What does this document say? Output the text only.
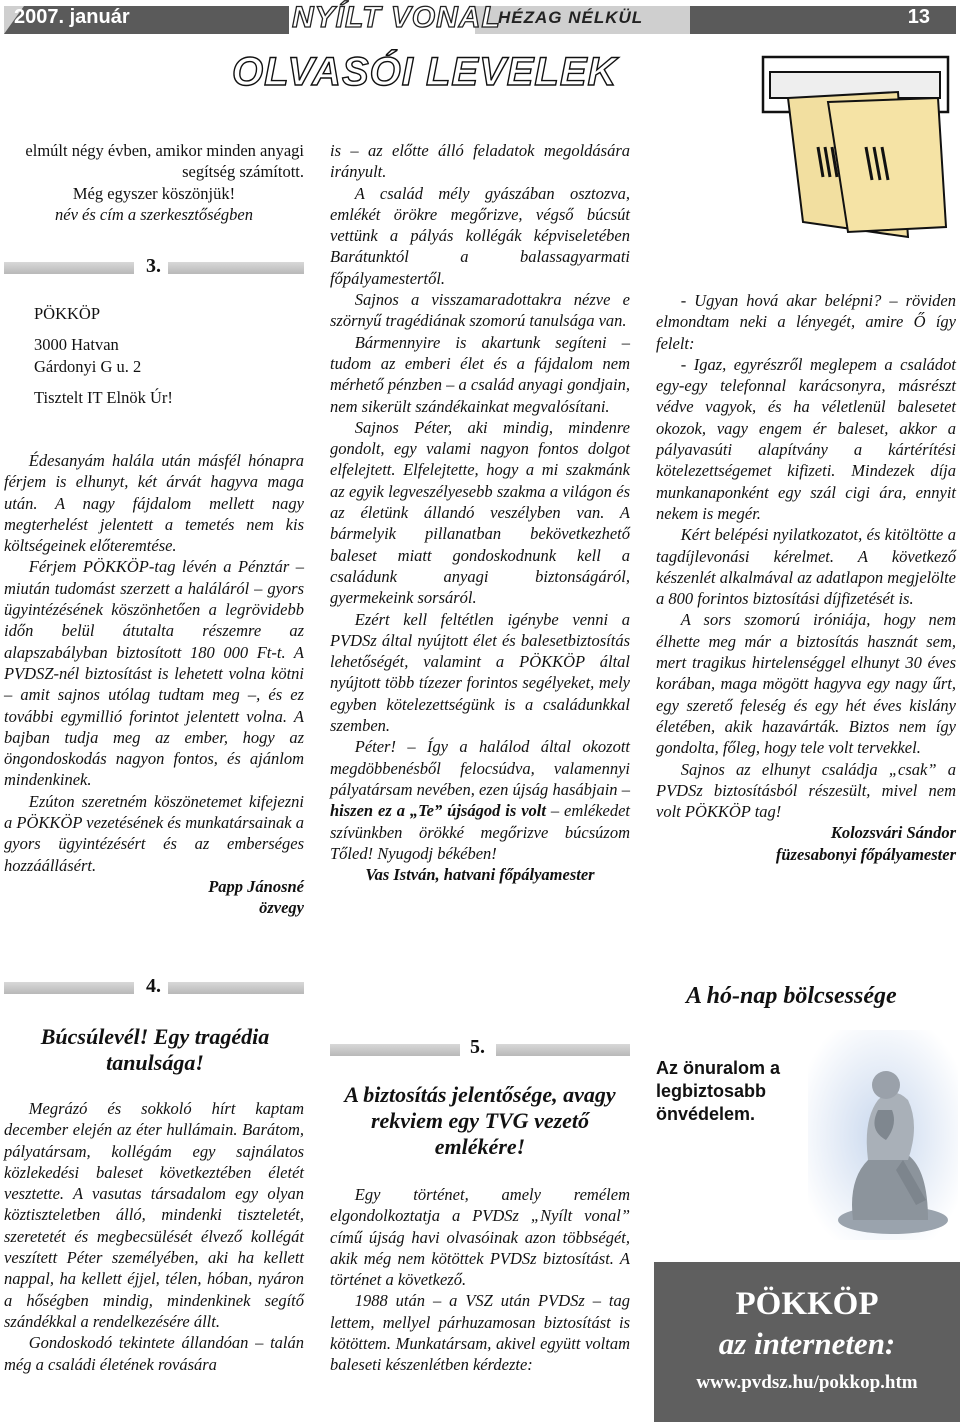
2007. január	NYÍLT VONAL
HÉZAG NÉLKÜL	13
OLVASÓI LEVELEK

elmúlt négy évben, amikor minden anyagi segítség számított.

Még egyszer köszönjük!

név és cím a szerkesztőségben

3.

PÖKKÖP

3000 Hatvan

Gárdonyi G u. 2

Tisztelt IT Elnök Úr!

Édesanyám halála után másfél hónapra férjem is elhunyt, két árvát hagyva maga után. A nagy fájdalom mellett nagy megterhelést jelentett a temetés nem kis költségeinek előteremtése.

Férjem PÖKKÖP-tag lévén a Pénztár – miután tudomást szerzett a haláláról – gyors ügyintézésének köszönhetően a legrövidebb időn belül átutalta részemre az alapszabályban biztosított 180 000 Ft-t. A PVDSZ-nél biztosítást is lehetett volna kötni – amit sajnos utólag tudtam meg –, és ez további egymillió forintot jelentett volna. A bajban tudja meg az ember, hogy az öngondoskodás nagyon fontos, és ajánlom mindenkinek.

Ezúton szeretném köszönetemet kifejezni a PÖKKÖP vezetésének és munkatársainak a gyors ügyintézésért és az emberséges hozzáállásért.

Papp Jánosné

özvegy

4.
Búcsúlevél! Egy tragédia tanulsága!

Megrázó és sokkoló hírt kaptam december elején az éter hullámain. Barátom, pályatársam, kollégám egy sajnálatos közlekedési baleset következtében életét vesztette. A vasutas társadalom egy olyan köztiszteletben álló, mindenki tiszteletét, szeretetét és megbecsülését élvező kollégát veszített Péter személyében, aki ha kellett nappal, ha kellett éjjel, télen, hóban, nyáron a hőségben mindig, mindenkinek segítő szándékkal a rendelkezésére állt.

Gondoskodó tekintete állandóan – talán még a családi életének rovására

is – az előtte álló feladatok megoldására irányult.

A család mély gyászában osztozva, emlékét örökre megőrizve, végső búcsút vettünk a pályás kollégák képviseletében Barátunktól a balassagyarmati főpályamestertől.

Sajnos a visszamaradottakra nézve e szörnyű tragédiának szomorú tanulsága van.

Bármennyire is akartunk segíteni – tudom az emberi élet és a fájdalom nem mérhető pénzben – a család anyagi gondjain, nem sikerült szándékainkat megvalósítani.

Sajnos Péter, aki mindig, mindenre gondolt, egy valami nagyon fontos dolgot elfelejtett. Elfelejtette, hogy a mi szakmánk az egyik legveszélyesebb szakma a világon és az életünk állandó veszélyben van. A bármelyik pillanatban bekövetkezhető baleset miatt gondoskodnunk kell a családunk anyagi biztonságáról, gyermekeink sorsáról.

Ezért kell feltétlen igénybe venni a PVDSz által nyújtott élet és balesetbiztosítás lehetőségét, valamint a PÖKKÖP által nyújtott több tízezer forintos segélyeket, mely egyben kötelezettségünk is a családunkkal szemben.

Péter! – Így a halálod által okozott megdöbbenésből felocsúdva, valamennyi pályatársam nevében, ezen újság hasábjain – hiszen ez a „Te” újságod is volt – emlékedet szívünkben örökké megőrizve búcsúzom Tőled! Nyugodj békében!

Vas István, hatvani főpályamester

5.
A biztosítás jelentősége, avagy rekviem egy TVG vezető emlékére!

Egy történet, amely remélem elgondolkoztatja a PVDSz „Nyílt vonal” című újság havi olvasóinak azon többségét, akik még nem kötöttek PVDSz biztosítást. A történet a következő.

1988 után – a VSZ után PVDSz – tag lettem, mellyel párhuzamosan biztosítást is kötöttem. Munkatársam, akivel együtt voltam baleseti készenlétben kérdezte:

- Ugyan hová akar belépni? – röviden elmondtam neki a lényegét, amire Ő így felelt:

- Igaz, egyrészről meglepem a családot egy-egy telefonnal karácsonyra, másrészt védve vagyok, és ha véletlenül balesetet okozok, vagy engem ér baleset, akkor a pályavasúti alapítvány a kártérítési kötelezettségemet kifizeti. Mindezek díja munkanaponként egy szál cigi ára, ennyit nekem is megér.

Kért belépési nyilatkozatot, és kitöltötte a tagdíjlevonási kérelmet. A következő készenlét alkalmával az adatlapon megjelölte a 800 forintos biztosítási díjfizetését is.

A sors szomorú iróniája, hogy nem élhette meg már a biztosítás hasznát sem, mert tragikus hirtelenséggel elhunyt 30 éves korában, maga mögött hagyva egy nagy űrt, egy szerető feleség és egy hét éves kislány életében, akik hazavárták. Biztos nem így gondolta, főleg, hogy tele volt tervekkel.

Sajnos az elhunyt családja „csak” a PVDSz biztosításból részesült, mivel nem volt PÖKKÖP tag!

Kolozsvári Sándor

füzesabonyi főpályamester

A hó-nap bölcsessége
Az önuralom a legbiztosabb önvédelem.
PÖKKÖP
az interneten:
www.pvdsz.hu/pokkop.htm
